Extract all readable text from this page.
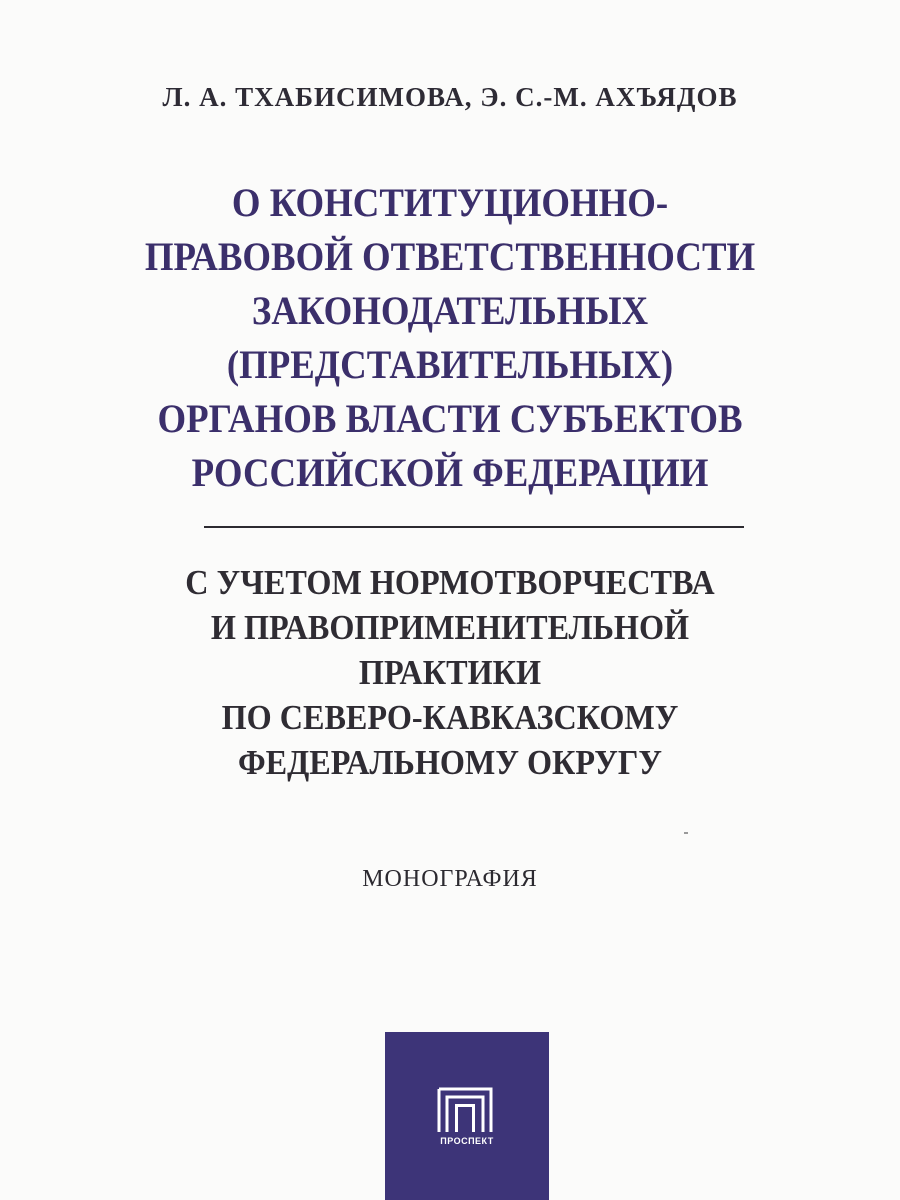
Л. А. ТХАБИСИМОВА, Э. С.-М. АХЪЯДОВ
О КОНСТИТУЦИОННО-
ПРАВОВОЙ ОТВЕТСТВЕННОСТИ
ЗАКОНОДАТЕЛЬНЫХ
(ПРЕДСТАВИТЕЛЬНЫХ)
ОРГАНОВ ВЛАСТИ СУБЪЕКТОВ
РОССИЙСКОЙ ФЕДЕРАЦИИ
С УЧЕТОМ НОРМОТВОРЧЕСТВА
И ПРАВОПРИМЕНИТЕЛЬНОЙ
ПРАКТИКИ
ПО СЕВЕРО-КАВКАЗСКОМУ
ФЕДЕРАЛЬНОМУ ОКРУГУ
МОНОГРАФИЯ
ПРОСПЕКТ
